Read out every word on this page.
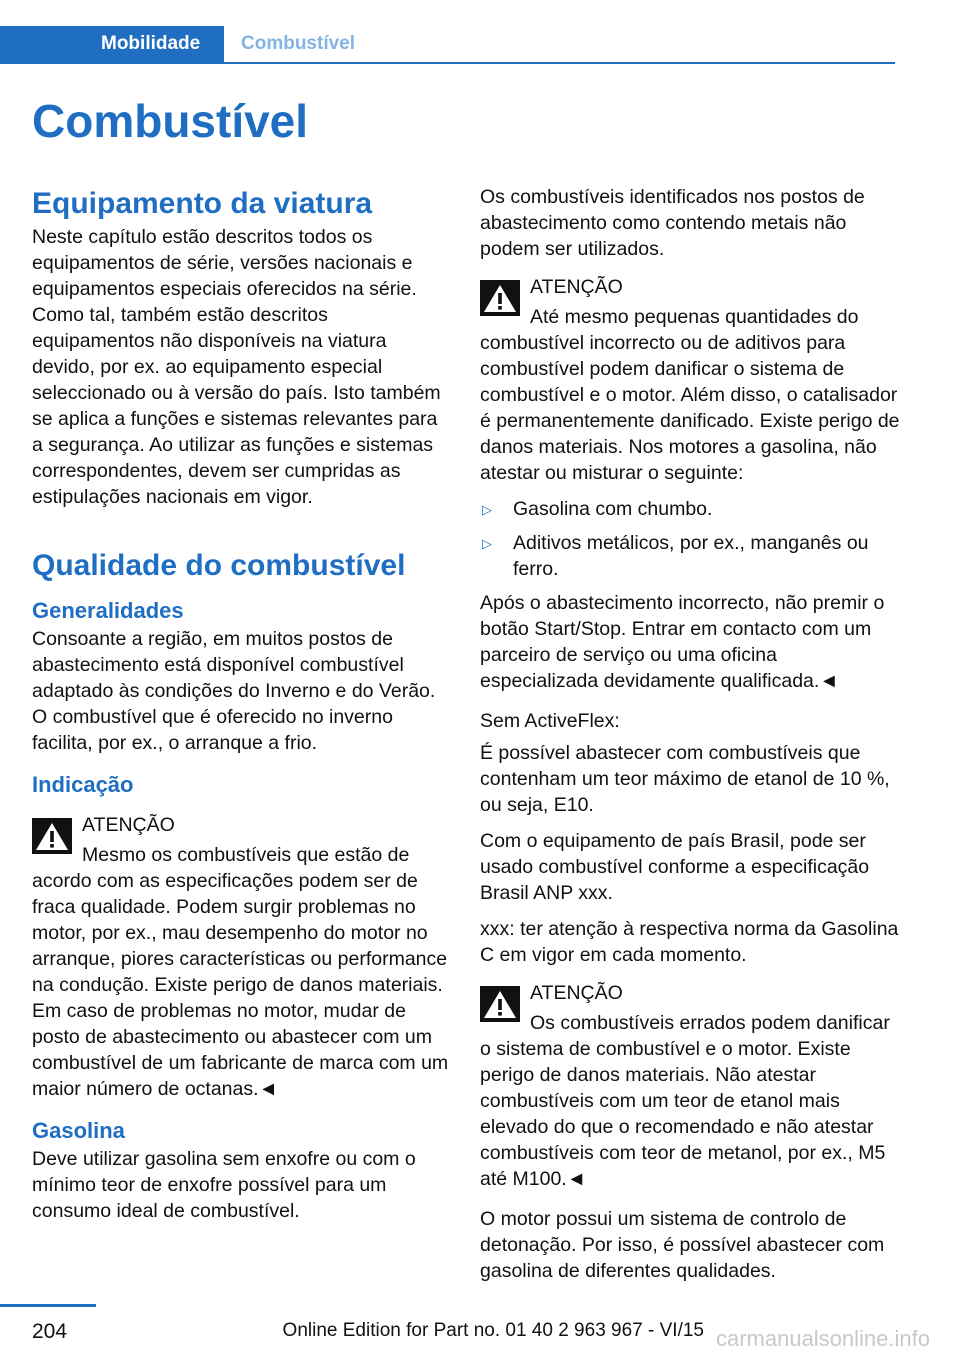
Mobilidade Combustível
Combustível
Equipamento da viatura

Neste capítulo estão descritos todos os equipamentos de série, versões nacionais e equipamentos especiais oferecidos na série. Como tal, também estão descritos equipamentos não disponíveis na viatura devido, por ex. ao equipamento especial seleccionado ou à versão do país. Isto também se aplica a funções e sistemas relevantes para a segurança. Ao utilizar as funções e sistemas correspondentes, devem ser cumpridas as estipulações nacionais em vigor.

Qualidade do combustível
Generalidades

Consoante a região, em muitos postos de abastecimento está disponível combustível adaptado às condições do Inverno e do Verão. O combustível que é oferecido no inverno facilita, por ex., o arranque a frio.

Indicação
ATENÇÃO

Mesmo os combustíveis que estão de acordo com as especificações podem ser de fraca qualidade. Podem surgir problemas no motor, por ex., mau desempenho do motor no arranque, piores características ou performance na condução. Existe perigo de danos materiais. Em caso de problemas no motor, mudar de posto de abastecimento ou abastecer com um combustível de um fabricante de marca com um maior número de octanas.◄

Gasolina

Deve utilizar gasolina sem enxofre ou com o mínimo teor de enxofre possível para um consumo ideal de combustível.

Os combustíveis identificados nos postos de abastecimento como contendo metais não podem ser utilizados.

ATENÇÃO

Até mesmo pequenas quantidades do combustível incorrecto ou de aditivos para combustível podem danificar o sistema de combustível e o motor. Além disso, o catalisador é permanentemente danificado. Existe perigo de danos materiais. Nos motores a gasolina, não atestar ou misturar o seguinte:

▷ Gasolina com chumbo.
▷ Aditivos metálicos, por ex., manganês ou ferro.

Após o abastecimento incorrecto, não premir o botão Start/Stop. Entrar em contacto com um parceiro de serviço ou uma oficina especializada devidamente qualificada.◄

Sem ActiveFlex:

É possível abastecer com combustíveis que contenham um teor máximo de etanol de 10 %, ou seja, E10.

Com o equipamento de país Brasil, pode ser usado combustível conforme a especificação Brasil ANP xxx.

xxx: ter atenção à respectiva norma da Gasolina C em vigor em cada momento.

ATENÇÃO

Os combustíveis errados podem danificar o sistema de combustível e o motor. Existe perigo de danos materiais. Não atestar combustíveis com um teor de etanol mais elevado do que o recomendado e não atestar combustíveis com teor de metanol, por ex., M5 até M100.◄

O motor possui um sistema de controlo de detonação. Por isso, é possível abastecer com gasolina de diferentes qualidades.

204	Online Edition for Part no. 01 40 2 963 967 - VI/15 carmanualsonline.info
